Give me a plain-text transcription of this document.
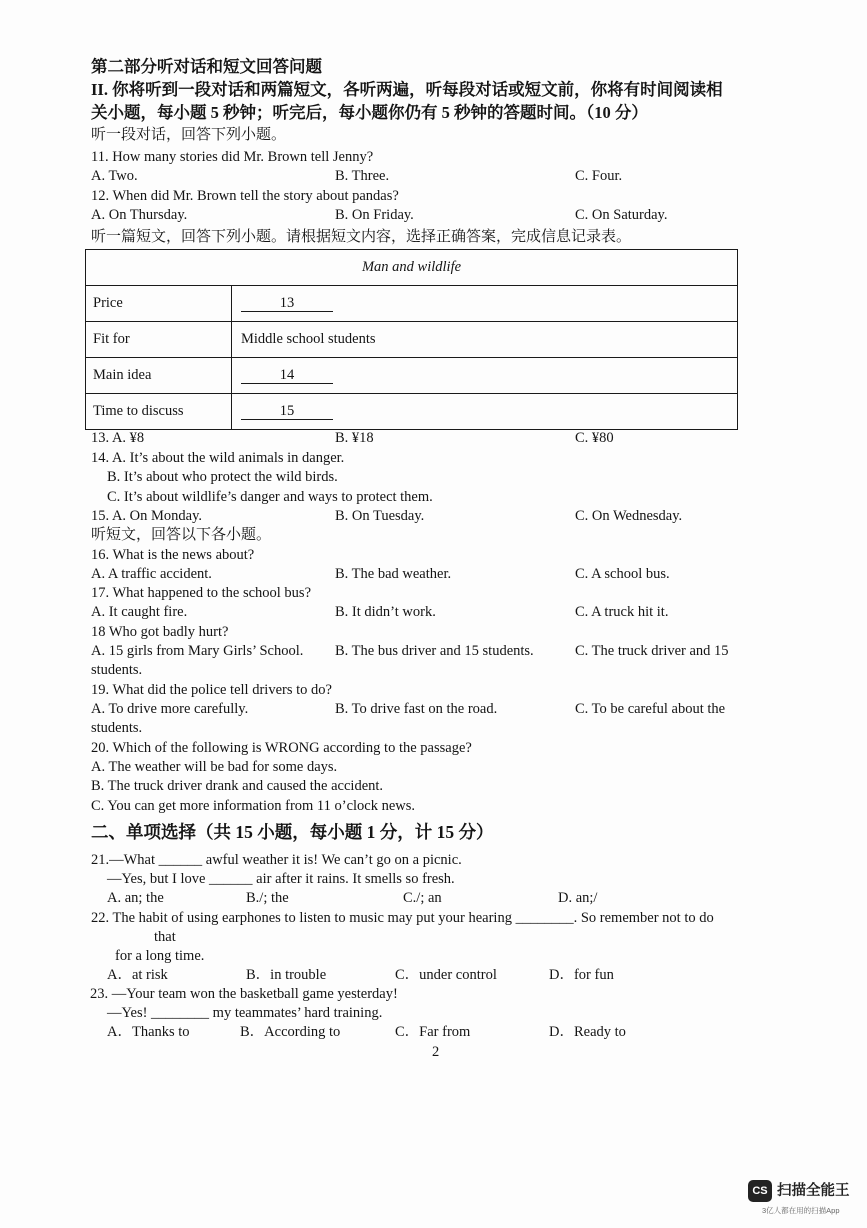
第二部分听对话和短文回答问题
II. 你将听到一段对话和两篇短文，各听两遍，听每段对话或短文前，你将有时间阅读相
关小题，每小题 5 秒钟；听完后，每小题你仍有 5 秒钟的答题时间。（10 分）
听一段对话，回答下列小题。
11. How many stories did Mr. Brown tell Jenny?
A. Two.	B. Three.	C. Four.
12. When did Mr. Brown tell the story about pandas?
A. On Thursday.	B. On Friday.	C. On Saturday.
听一篇短文，回答下列小题。请根据短文内容，选择正确答案，完成信息记录表。
Man and wildlife	
Price	13
Fit for	Middle school students
Main idea	14
Time to discuss	15
13. A. ¥8	B. ¥18	C. ¥80
14. A. It’s about the wild animals in danger.
B. It’s about who protect the wild birds.
C. It’s about wildlife’s danger and ways to protect them.
15. A. On Monday.	B. On Tuesday.	C. On Wednesday.
听短文，回答以下各小题。
16. What is the news about?
A. A traffic accident.	B. The bad weather.	C. A school bus.
17. What happened to the school bus?
A. It caught fire.	B. It didn’t work.	C. A truck hit it.
18 Who got badly hurt?
A. 15 girls from Mary Girls’ School. B. The bus driver and 15 students.	C. The truck driver and 15
students.
19. What did the police tell drivers to do?
A. To drive more carefully.	B. To drive fast on the road.	C. To be careful about the
students.
20. Which of the following is WRONG according to the passage?
A. The weather will be bad for some days.
B. The truck driver drank and caused the accident.
C. You can get more information from 11 o’clock news.
二、单项选择（共 15 小题，每小题 1 分，计 15 分）
21.—What ______ awful weather it is! We can’t go on a picnic.
—Yes, but I love ______ air after it rains. It smells so fresh.
A. an; the	B./; the	C./; an	D. an;/
22. The habit of using earphones to listen to music may put your hearing ________. So remember not to do
that
for a long time.
A．at risk	B．in trouble	C．under control	D．for fun
23. —Your team won the basketball game yesterday!
—Yes! ________ my teammates’ hard training.
A．Thanks to	B．According to	C．Far from	D．Ready to
2
CS 扫描全能王
3亿人都在用的扫描App
